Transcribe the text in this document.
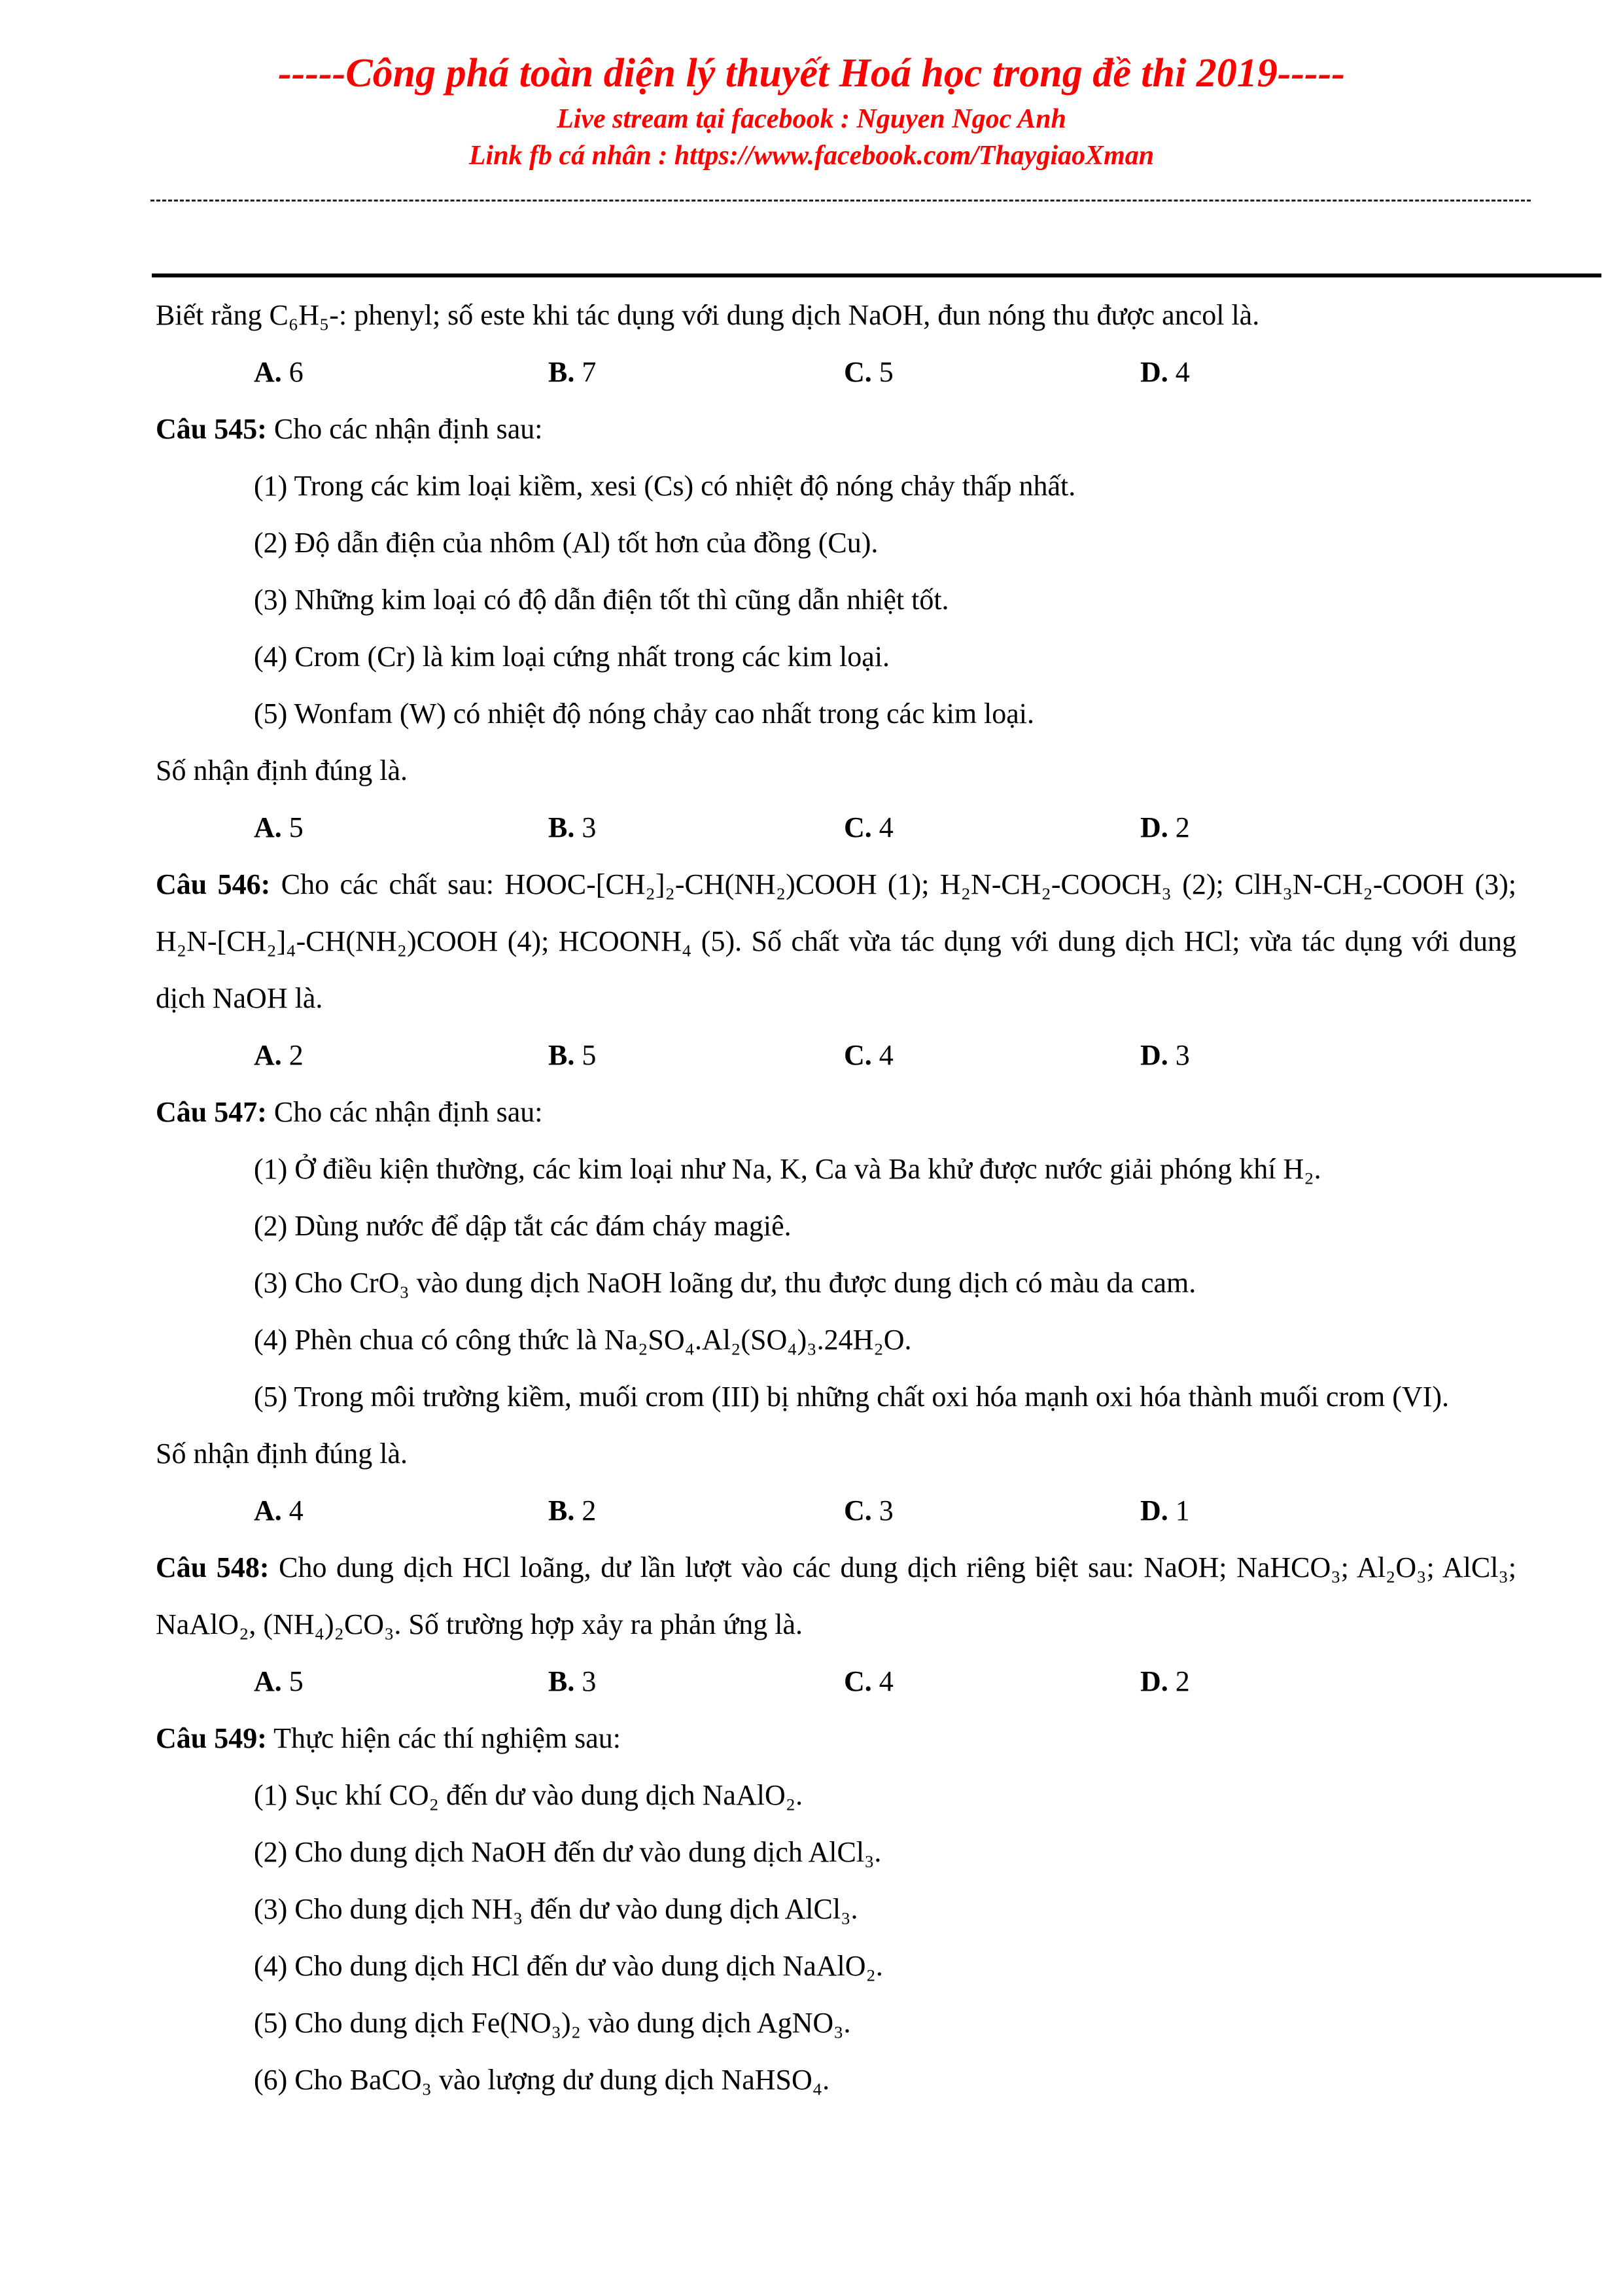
-----Công phá toàn diện lý thuyết Hoá học trong đề thi 2019-----
Live stream tại facebook : Nguyen Ngoc Anh
Link fb cá nhân : https://www.facebook.com/ThaygiaoXman
Biết rằng C₆H₅-: phenyl; số este khi tác dụng với dung dịch NaOH, đun nóng thu được ancol là.
A. 6	B. 7	C. 5	D. 4
Câu 545: Cho các nhận định sau:
(1) Trong các kim loại kiềm, xesi (Cs) có nhiệt độ nóng chảy thấp nhất.
(2) Độ dẫn điện của nhôm (Al) tốt hơn của đồng (Cu).
(3) Những kim loại có độ dẫn điện tốt thì cũng dẫn nhiệt tốt.
(4) Crom (Cr) là kim loại cứng nhất trong các kim loại.
(5) Wonfam (W) có nhiệt độ nóng chảy cao nhất trong các kim loại.
Số nhận định đúng là.
A. 5	B. 3	C. 4	D. 2
Câu 546: Cho các chất sau: HOOC-[CH₂]₂-CH(NH₂)COOH (1); H₂N-CH₂-COOCH₃ (2); ClH₃N-CH₂-COOH (3); H₂N-[CH₂]₄-CH(NH₂)COOH (4); HCOONH₄ (5). Số chất vừa tác dụng với dung dịch HCl; vừa tác dụng với dung dịch NaOH là.
A. 2	B. 5	C. 4	D. 3
Câu 547: Cho các nhận định sau:
(1) Ở điều kiện thường, các kim loại như Na, K, Ca và Ba khử được nước giải phóng khí H₂.
(2) Dùng nước để dập tắt các đám cháy magiê.
(3) Cho CrO₃ vào dung dịch NaOH loãng dư, thu được dung dịch có màu da cam.
(4) Phèn chua có công thức là Na₂SO₄.Al₂(SO₄)₃.24H₂O.
(5) Trong môi trường kiềm, muối crom (III) bị những chất oxi hóa mạnh oxi hóa thành muối crom (VI).
Số nhận định đúng là.
A. 4	B. 2	C. 3	D. 1
Câu 548: Cho dung dịch HCl loãng, dư lần lượt vào các dung dịch riêng biệt sau: NaOH; NaHCO₃; Al₂O₃; AlCl₃; NaAlO₂, (NH₄)₂CO₃. Số trường hợp xảy ra phản ứng là.
A. 5	B. 3	C. 4	D. 2
Câu 549: Thực hiện các thí nghiệm sau:
(1) Sục khí CO₂ đến dư vào dung dịch NaAlO₂.
(2) Cho dung dịch NaOH đến dư vào dung dịch AlCl₃.
(3) Cho dung dịch NH₃ đến dư vào dung dịch AlCl₃.
(4) Cho dung dịch HCl đến dư vào dung dịch NaAlO₂.
(5) Cho dung dịch Fe(NO₃)₂ vào dung dịch AgNO₃.
(6) Cho BaCO₃ vào lượng dư dung dịch NaHSO₄.
